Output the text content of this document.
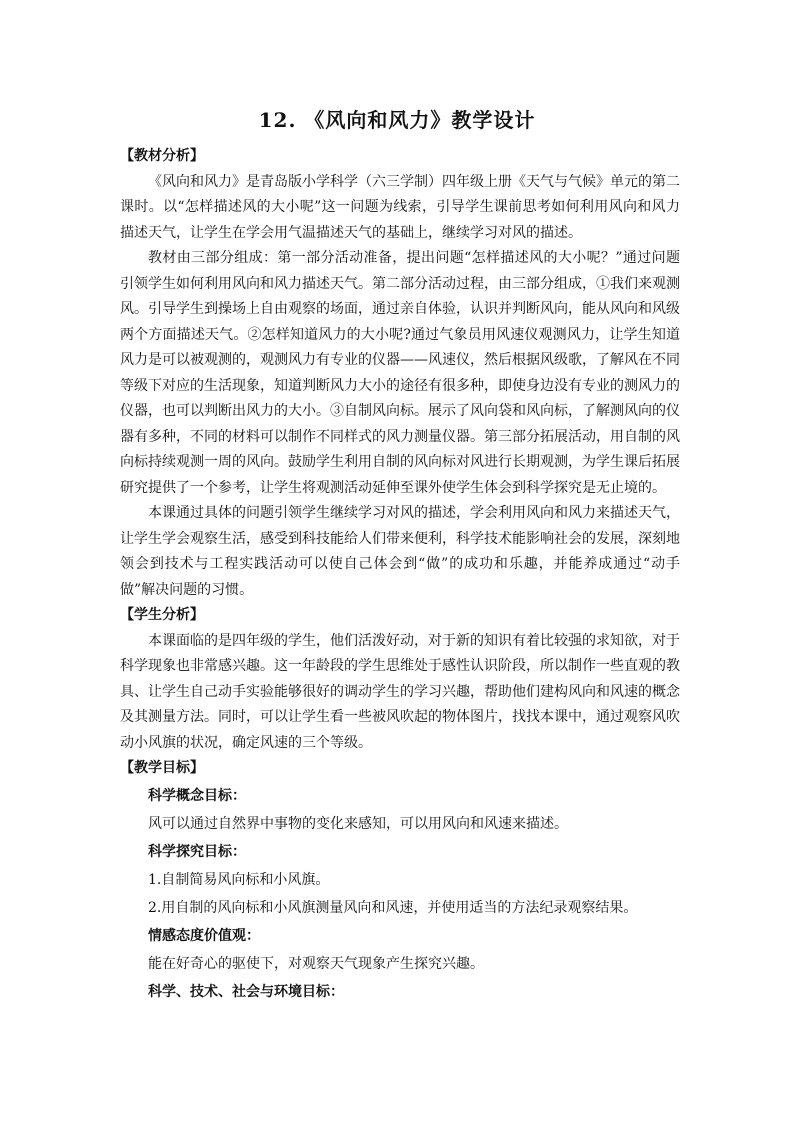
12. 《风向和风力》教学设计

【教材分析】

《风向和风力》是青岛版小学科学（六三学制）四年级上册《天气与气候》单元的第二课时。以“怎样描述风的大小呢”这一问题为线索，引导学生课前思考如何利用风向和风力描述天气，让学生在学会用气温描述天气的基础上，继续学习对风的描述。

教材由三部分组成：第一部分活动准备，提出问题“怎样描述风的大小呢？”通过问题引领学生如何利用风向和风力描述天气。第二部分活动过程，由三部分组成，①我们来观测风。引导学生到操场上自由观察的场面，通过亲自体验，认识并判断风向，能从风向和风级两个方面描述天气。②怎样知道风力的大小呢?通过气象员用风速仪观测风力，让学生知道风力是可以被观测的，观测风力有专业的仪器——风速仪，然后根据风级歌，了解风在不同等级下对应的生活现象，知道判断风力大小的途径有很多种，即使身边没有专业的测风力的仪器，也可以判断出风力的大小。③自制风向标。展示了风向袋和风向标，了解测风向的仪器有多种，不同的材料可以制作不同样式的风力测量仪器。第三部分拓展活动，用自制的风向标持续观测一周的风向。鼓励学生利用自制的风向标对风进行长期观测，为学生课后拓展研究提供了一个参考，让学生将观测活动延伸至课外使学生体会到科学探究是无止境的。

本课通过具体的问题引领学生继续学习对风的描述，学会利用风向和风力来描述天气，让学生学会观察生活，感受到科技能给人们带来便利，科学技术能影响社会的发展，深刻地领会到技术与工程实践活动可以使自己体会到“做”的成功和乐趣，并能养成通过“动手做”解决问题的习惯。

【学生分析】

本课面临的是四年级的学生，他们活泼好动，对于新的知识有着比较强的求知欲，对于科学现象也非常感兴趣。这一年龄段的学生思维处于感性认识阶段，所以制作一些直观的教具、让学生自己动手实验能够很好的调动学生的学习兴趣，帮助他们建构风向和风速的概念及其测量方法。同时，可以让学生看一些被风吹起的物体图片，找找本课中，通过观察风吹动小风旗的状况，确定风速的三个等级。

【教学目标】

科学概念目标：

风可以通过自然界中事物的变化来感知，可以用风向和风速来描述。

科学探究目标：

1.自制简易风向标和小风旗。

2.用自制的风向标和小风旗测量风向和风速，并使用适当的方法纪录观察结果。

情感态度价值观：

能在好奇心的驱使下，对观察天气现象产生探究兴趣。

科学、技术、社会与环境目标：
